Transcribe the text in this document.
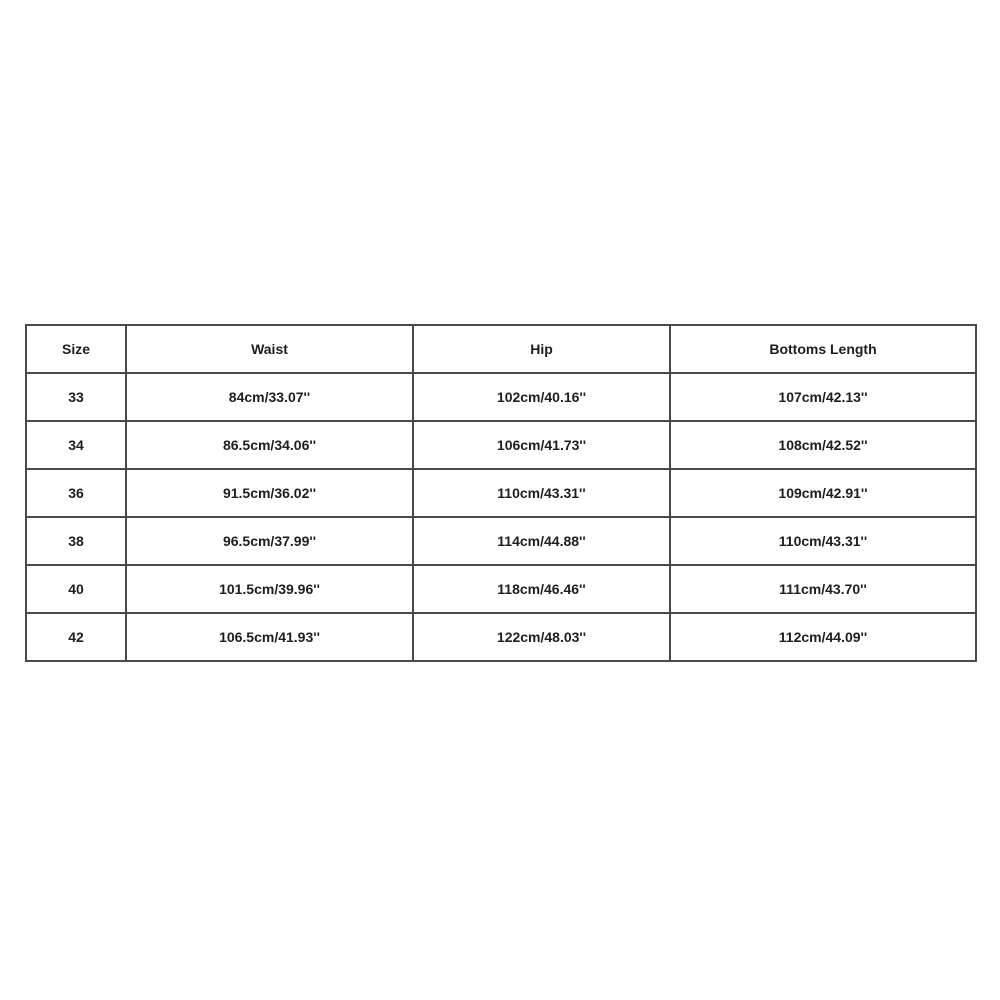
Size	Waist	Hip	Bottoms Length
33	84cm/33.07''	102cm/40.16''	107cm/42.13''
34	86.5cm/34.06''	106cm/41.73''	108cm/42.52''
36	91.5cm/36.02''	110cm/43.31''	109cm/42.91''
38	96.5cm/37.99''	114cm/44.88''	110cm/43.31''
40	101.5cm/39.96''	118cm/46.46''	111cm/43.70''
42	106.5cm/41.93''	122cm/48.03''	112cm/44.09''
